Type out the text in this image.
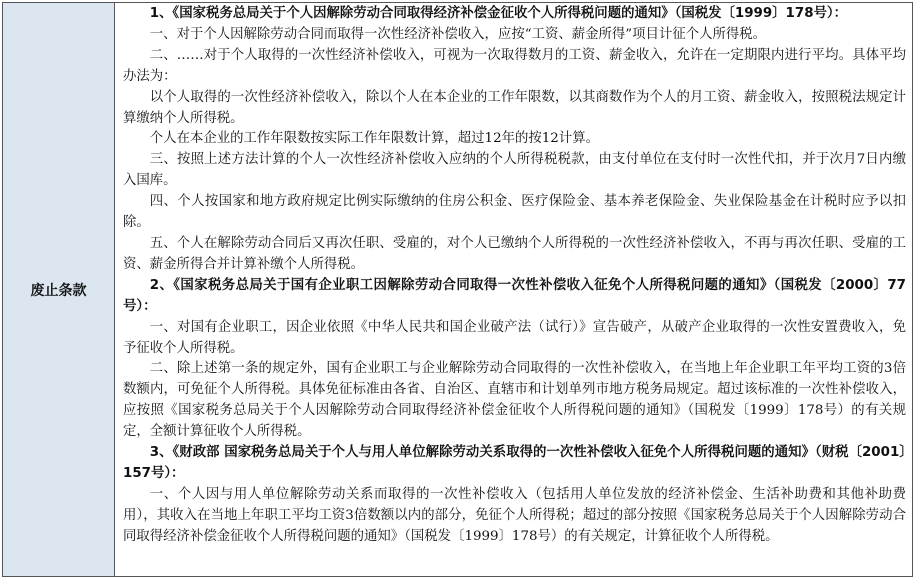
废止条款

1、《国家税务总局关于个人因解除劳动合同取得经济补偿金征收个人所得税问题的通知》（国税发〔1999〕178号）：

一、对于个人因解除劳动合同而取得一次性经济补偿收入，应按“工资、薪金所得”项目计征个人所得税。

二、……对于个人取得的一次性经济补偿收入，可视为一次取得数月的工资、薪金收入，允许在一定期限内进行平均。具体平均办法为：

以个人取得的一次性经济补偿收入，除以个人在本企业的工作年限数，以其商数作为个人的月工资、薪金收入，按照税法规定计算缴纳个人所得税。

个人在本企业的工作年限数按实际工作年限数计算，超过12年的按12计算。

三、按照上述方法计算的个人一次性经济补偿收入应纳的个人所得税税款，由支付单位在支付时一次性代扣，并于次月7日内缴入国库。

四、个人按国家和地方政府规定比例实际缴纳的住房公积金、医疗保险金、基本养老保险金、失业保险基金在计税时应予以扣除。

五、个人在解除劳动合同后又再次任职、受雇的，对个人已缴纳个人所得税的一次性经济补偿收入，不再与再次任职、受雇的工资、薪金所得合并计算补缴个人所得税。

2、《国家税务总局关于国有企业职工因解除劳动合同取得一次性补偿收入征免个人所得税问题的通知》（国税发〔2000〕77号）：

一、对国有企业职工，因企业依照《中华人民共和国企业破产法（试行）》宣告破产，从破产企业取得的一次性安置费收入，免予征收个人所得税。

二、除上述第一条的规定外，国有企业职工与企业解除劳动合同取得的一次性补偿收入，在当地上年企业职工年平均工资的3倍数额内，可免征个人所得税。具体免征标准由各省、自治区、直辖市和计划单列市地方税务局规定。超过该标准的一次性补偿收入，应按照《国家税务总局关于个人因解除劳动合同取得经济补偿金征收个人所得税问题的通知》（国税发〔1999〕178号）的有关规定，全额计算征收个人所得税。

3、《财政部 国家税务总局关于个人与用人单位解除劳动关系取得的一次性补偿收入征免个人所得税问题的通知》（财税〔2001〕157号）：

一、个人因与用人单位解除劳动关系而取得的一次性补偿收入（包括用人单位发放的经济补偿金、生活补助费和其他补助费用），其收入在当地上年职工平均工资3倍数额以内的部分，免征个人所得税；超过的部分按照《国家税务总局关于个人因解除劳动合同取得经济补偿金征收个人所得税问题的通知》（国税发〔1999〕178号）的有关规定，计算征收个人所得税。
